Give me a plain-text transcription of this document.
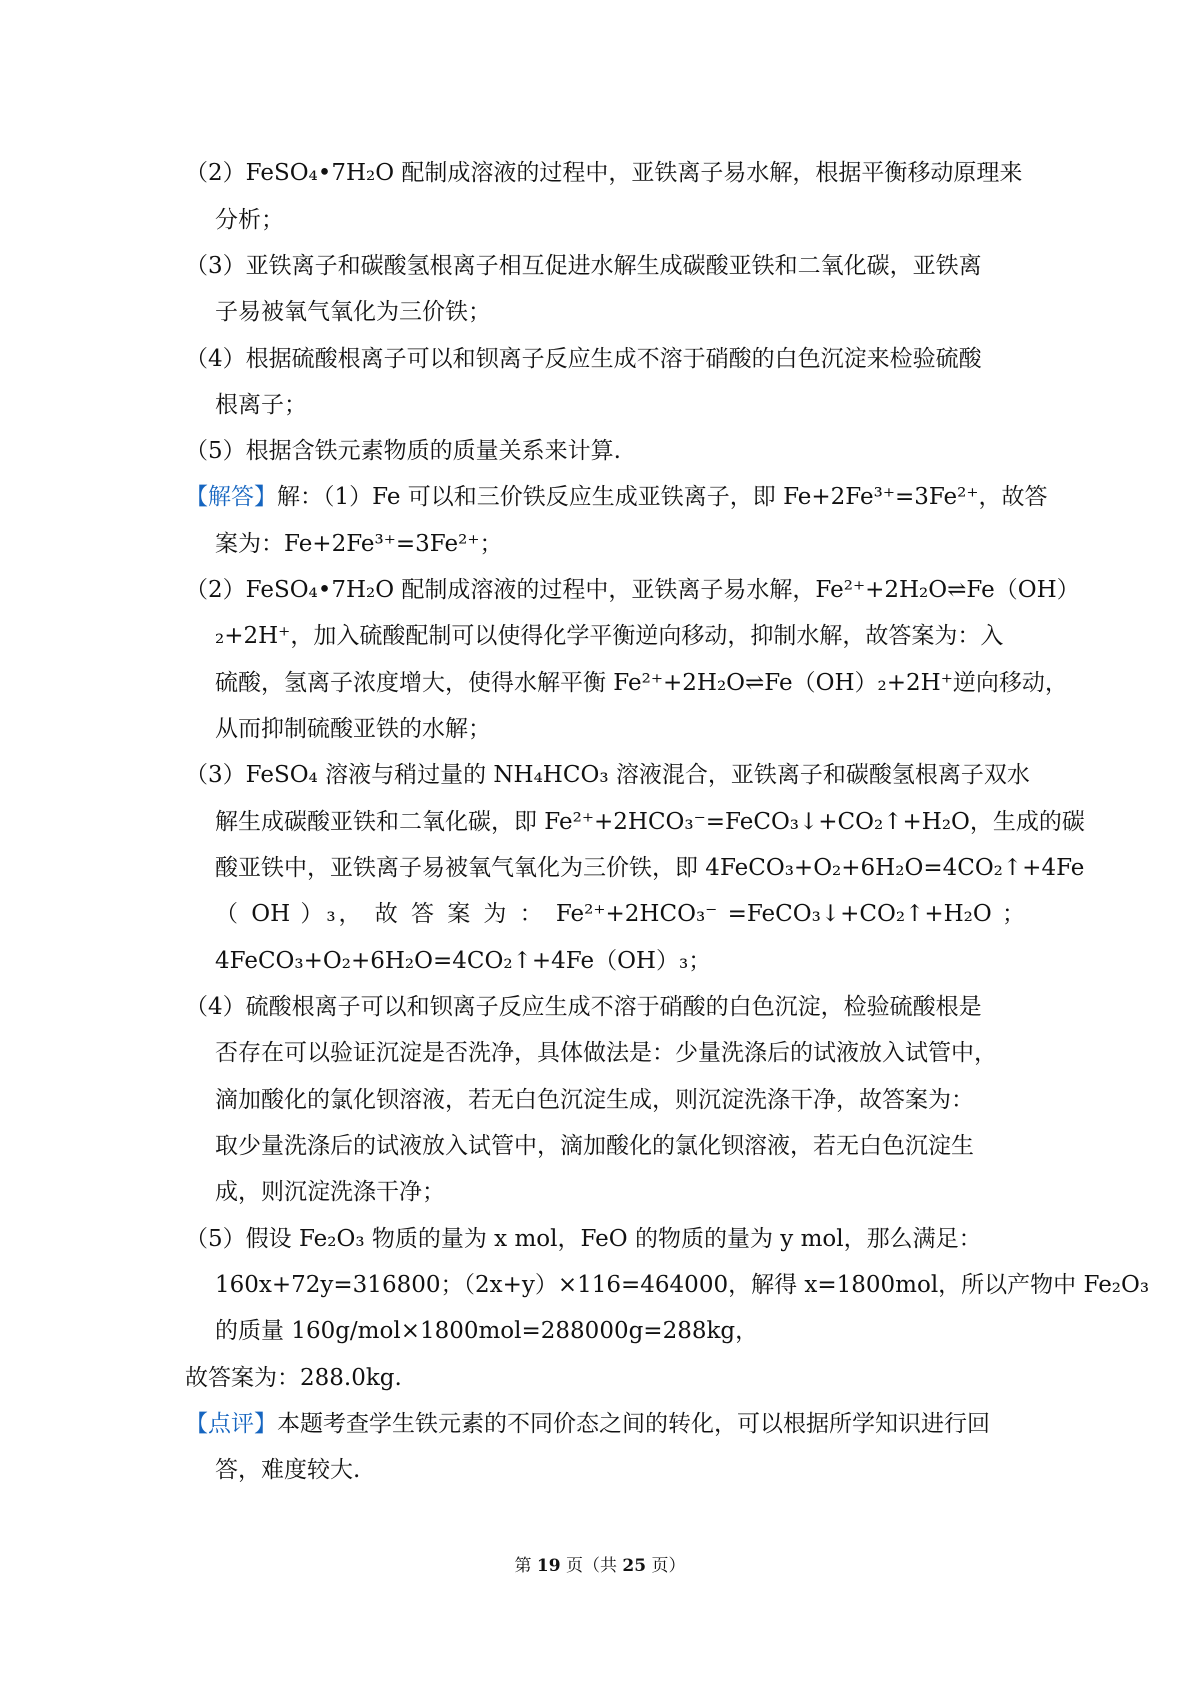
（2）FeSO₄•7H₂O 配制成溶液的过程中，亚铁离子易水解，根据平衡移动原理来
分析；
（3）亚铁离子和碳酸氢根离子相互促进水解生成碳酸亚铁和二氧化碳，亚铁离
子易被氧气氧化为三价铁；
（4）根据硫酸根离子可以和钡离子反应生成不溶于硝酸的白色沉淀来检验硫酸
根离子；
（5）根据含铁元素物质的质量关系来计算.
【解答】解：（1）Fe 可以和三价铁反应生成亚铁离子，即 Fe+2Fe³⁺=3Fe²⁺，故答
案为：Fe+2Fe³⁺=3Fe²⁺；
（2）FeSO₄•7H₂O 配制成溶液的过程中，亚铁离子易水解，Fe²⁺+2H₂O⇌Fe（OH）
₂+2H⁺，加入硫酸配制可以使得化学平衡逆向移动，抑制水解，故答案为：入
硫酸，氢离子浓度增大，使得水解平衡 Fe²⁺+2H₂O⇌Fe（OH）₂+2H⁺逆向移动，
从而抑制硫酸亚铁的水解；
（3）FeSO₄ 溶液与稍过量的 NH₄HCO₃ 溶液混合，亚铁离子和碳酸氢根离子双水
解生成碳酸亚铁和二氧化碳，即 Fe²⁺+2HCO₃⁻=FeCO₃↓+CO₂↑+H₂O，生成的碳
酸亚铁中，亚铁离子易被氧气氧化为三价铁，即 4FeCO₃+O₂+6H₂O=4CO₂↑+4Fe
（ OH ）₃， 故 答 案 为 ： Fe²⁺+2HCO₃⁻ =FeCO₃↓+CO₂↑+H₂O ；
4FeCO₃+O₂+6H₂O=4CO₂↑+4Fe（OH）₃；
（4）硫酸根离子可以和钡离子反应生成不溶于硝酸的白色沉淀，检验硫酸根是
否存在可以验证沉淀是否洗净，具体做法是：少量洗涤后的试液放入试管中，
滴加酸化的氯化钡溶液，若无白色沉淀生成，则沉淀洗涤干净，故答案为：
取少量洗涤后的试液放入试管中，滴加酸化的氯化钡溶液，若无白色沉淀生
成，则沉淀洗涤干净；
（5）假设 Fe₂O₃ 物质的量为 x mol，FeO 的物质的量为 y mol，那么满足：
160x+72y=316800；（2x+y）×116=464000，解得 x=1800mol，所以产物中 Fe₂O₃
的质量 160g/mol×1800mol=288000g=288kg，
故答案为：288.0kg.
【点评】本题考查学生铁元素的不同价态之间的转化，可以根据所学知识进行回
答，难度较大.
第 19 页（共 25 页）
